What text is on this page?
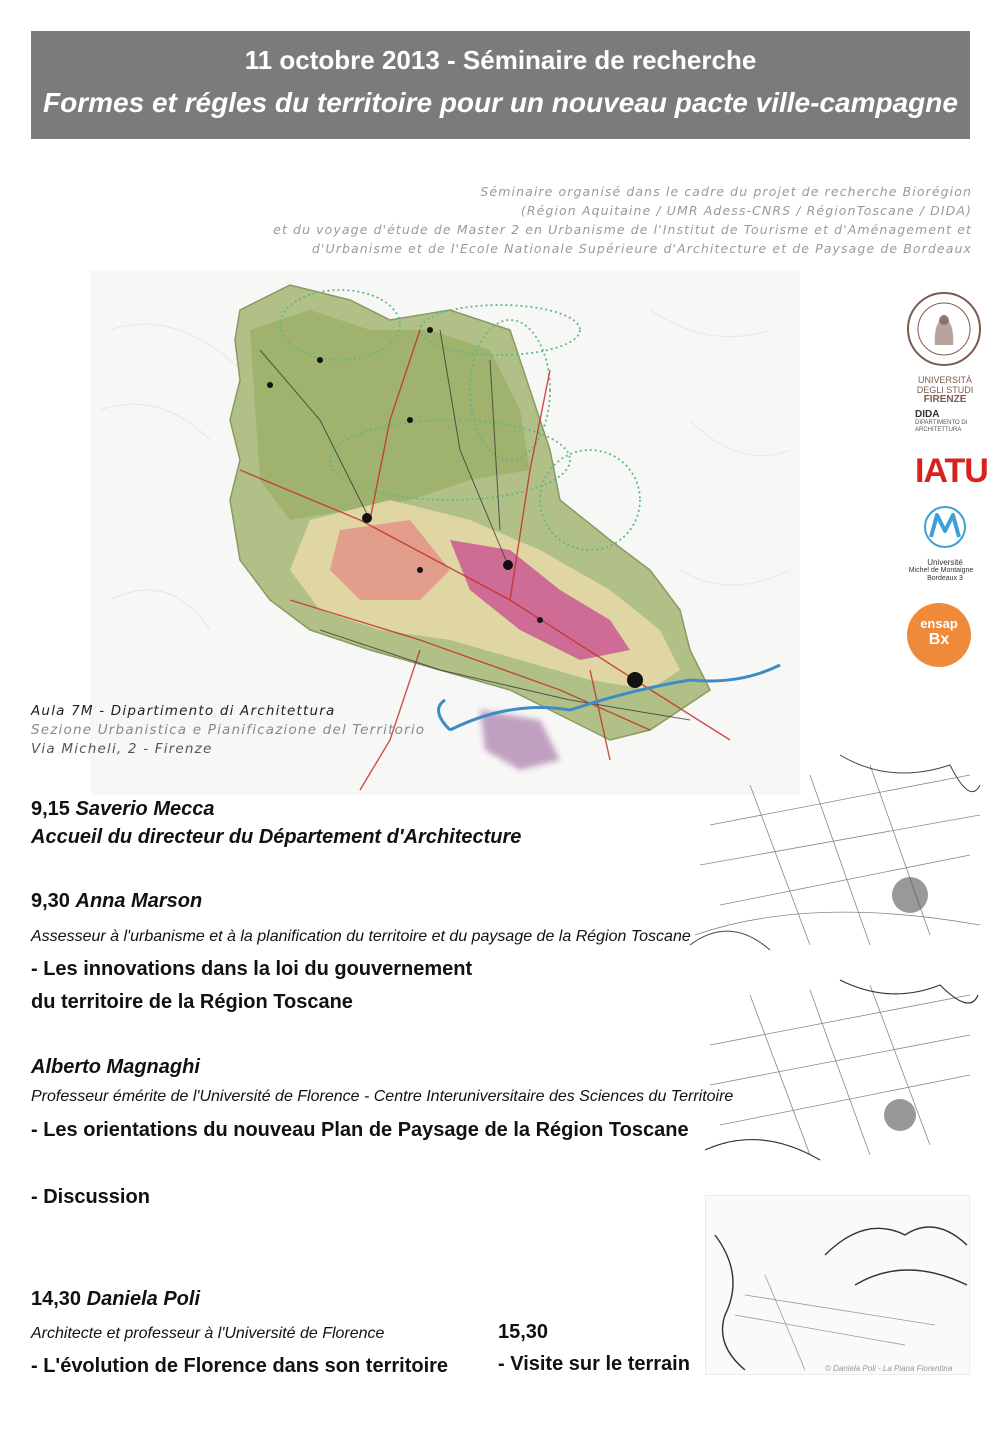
11 octobre 2013 - Séminaire de recherche
Formes et régles du territoire pour un nouveau pacte ville-campagne
Séminaire organisé dans le cadre du projet de recherche Biorégion
(Région Aquitaine / UMR Adess-CNRS / RégionToscane / DIDA)
et du voyage d'étude de Master 2 en Urbanisme de l'Institut de Tourisme et d'Aménagement et
d'Urbanisme et de l'Ecole Nationale Supérieure d'Architecture et de Paysage de Bordeaux
Aula 7M - Dipartimento di Architettura
Sezione Urbanistica e Pianificazione del Territorio
Via Micheli, 2 - Firenze
UNIVERSITÀ
DEGLI STUDI
FIRENZE
DIDA
DIPARTIMENTO DI
ARCHITETTURA
IATU
Université
Michel de Montaigne
Bordeaux 3
ensap
Bx
9,15 Saverio Mecca
Accueil du directeur du Département d'Architecture
9,30 Anna Marson
Assesseur à l'urbanisme et à la planification du territoire et du paysage de la Région Toscane
- Les innovations dans la loi du gouvernement
du territoire de la Région Toscane
Alberto Magnaghi
Professeur émérite de l'Université de Florence - Centre Interuniversitaire des Sciences du Territoire
- Les orientations du nouveau Plan de Paysage de la Région Toscane
- Discussion
14,30 Daniela Poli
Architecte et professeur à l'Université de Florence
- L'évolution de Florence dans son territoire
15,30
- Visite sur le terrain	© Daniela Poli - La Piana Fiorentina
